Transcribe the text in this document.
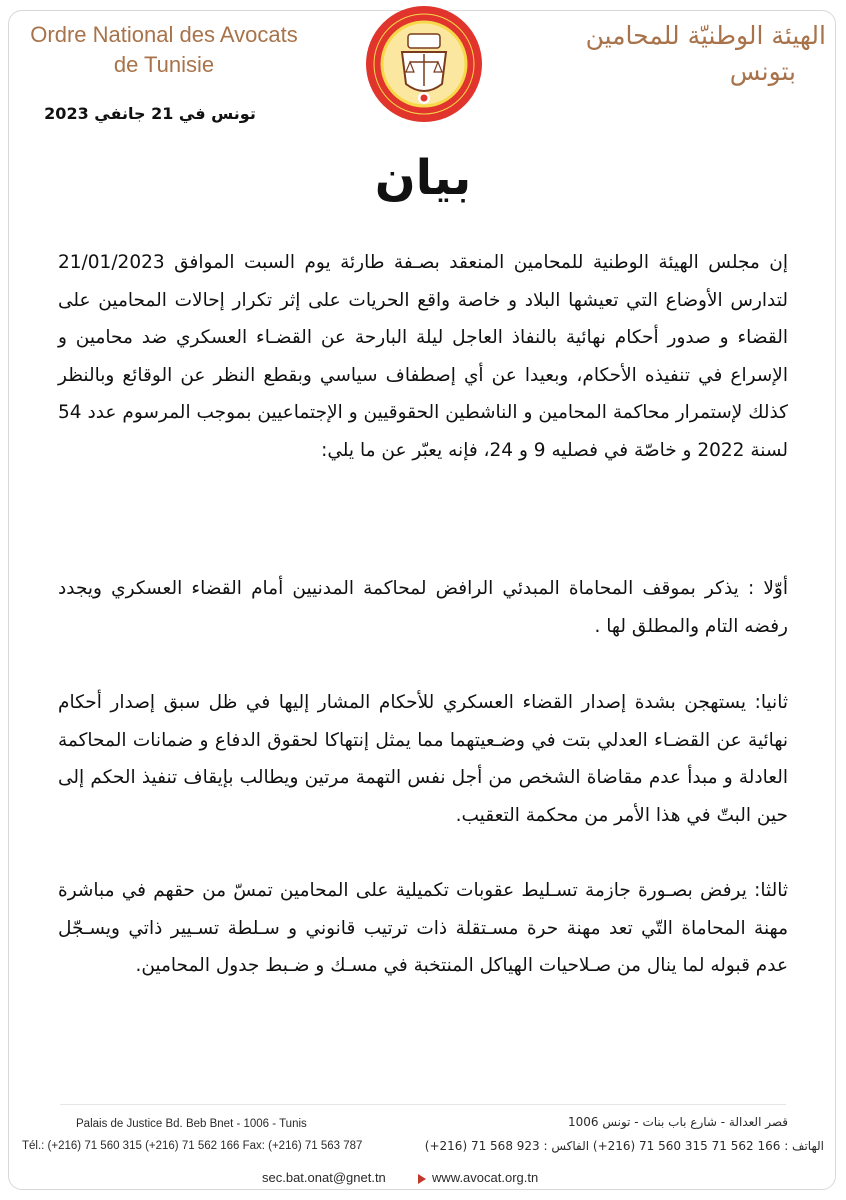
Ordre National des Avocats
de Tunisie
الهيئة الوطنيّة للمحامين
بتونس
تونس في 21 جانفي 2023
بيان

إن مجلس الهيئة الوطنية للمحامين المنعقد بصـفة طارئة يوم السبت الموافق 21/01/2023 لتدارس الأوضاع التي تعيشها البلاد و خاصة واقع الحريات على إثر تكرار إحالات المحامين على القضاء و صدور أحكام نهائية بالنفاذ العاجل ليلة البارحة عن القضـاء العسكري ضد محامين و الإسراع في تنفيذه الأحكام، وبعيدا عن أي إصطفاف سياسي وبقطع النظر عن الوقائع وبالنظر كذلك لإستمرار محاكمة المحامين و الناشطين الحقوقيين و الإجتماعيين بموجب المرسوم عدد 54 لسنة 2022 و خاصّة في فصليه 9 و 24، فإنه يعبّر عن ما يلي:

أوّلا : يذكر بموقف المحاماة المبدئي الرافض لمحاكمة المدنيين أمام القضاء العسكري ويجدد رفضه التام والمطلق لها .

ثانيا: يستهجن بشدة إصدار القضاء العسكري للأحكام المشار إليها في ظل سبق إصدار أحكام نهائية عن القضـاء العدلي بتت في وضـعيتهما مما يمثل إنتهاكا لحقوق الدفاع و ضمانات المحاكمة العادلة و مبدأ عدم مقاضاة الشخص من أجل نفس التهمة مرتين ويطالب بإيقاف تنفيذ الحكم إلى حين البتّ في هذا الأمر من محكمة التعقيب.

ثالثا: يرفض بصـورة جازمة تسـليط عقوبات تكميلية على المحامين تمسّ من حقهم في مباشرة مهنة المحاماة التّي تعد مهنة حرة مسـتقلة ذات ترتيب قانوني و سـلطة تسـيير ذاتي ويسـجّل عدم قبوله لما ينال من صـلاحيات الهياكل المنتخبة في مسـك و ضـبط جدول المحامين.

Palais de Justice Bd. Beb Bnet - 1006 - Tunis
Tél.: (+216) 71 560 315 (+216) 71 562 166 Fax: (+216) 71 563 787
sec.bat.onat@gnet.tn
قصر العدالة - شارع باب بنات - تونس 1006
الهاتف : 166 562 71 315 560 71 (216+) الفاكس : 923 568 71 (216+)
www.avocat.org.tn
